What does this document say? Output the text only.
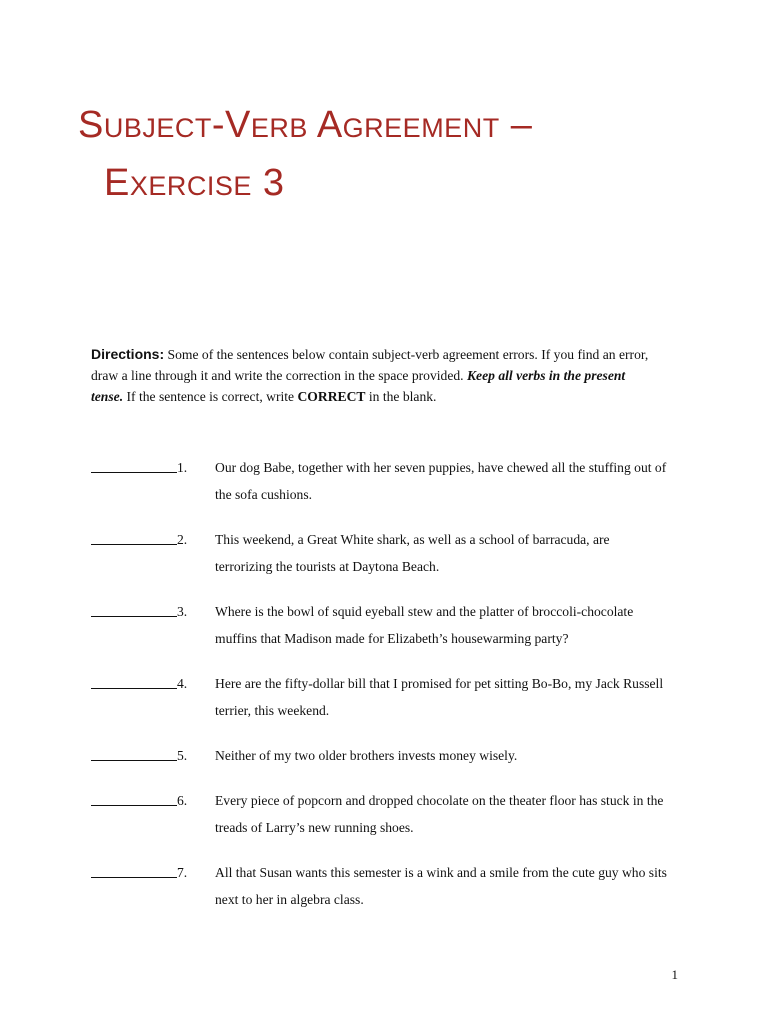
Subject-Verb Agreement –
Exercise 3

Directions: Some of the sentences below contain subject-verb agreement errors. If you find an error, draw a line through it and write the correction in the space provided. Keep all verbs in the present tense. If the sentence is correct, write CORRECT in the blank.

1.	Our dog Babe, together with her seven puppies, have chewed all the stuffing out of the sofa cushions.
2.	This weekend, a Great White shark, as well as a school of barracuda, are terrorizing the tourists at Daytona Beach.
3.	Where is the bowl of squid eyeball stew and the platter of broccoli-chocolate muffins that Madison made for Elizabeth’s housewarming party?
4.	Here are the fifty-dollar bill that I promised for pet sitting Bo-Bo, my Jack Russell terrier, this weekend.
5.	Neither of my two older brothers invests money wisely.
6.	Every piece of popcorn and dropped chocolate on the theater floor has stuck in the treads of Larry’s new running shoes.
7.	All that Susan wants this semester is a wink and a smile from the cute guy who sits next to her in algebra class.
1
